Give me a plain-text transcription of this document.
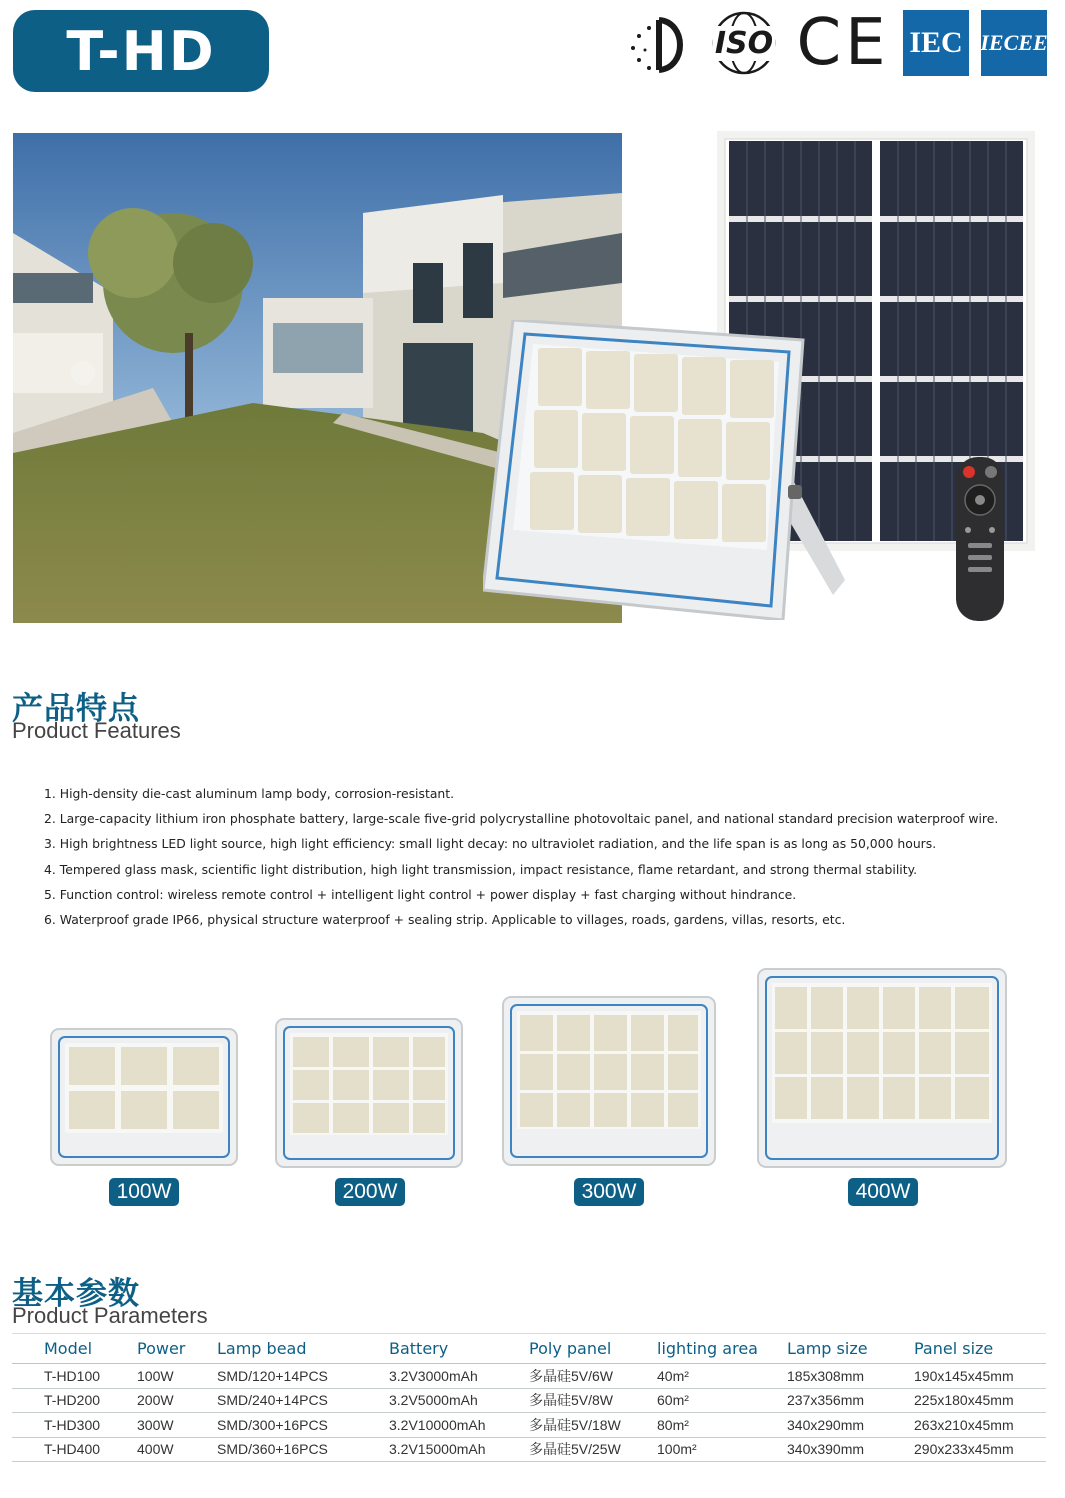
T-HD	ISO CE IEC IECEE
产品特点
Product Features
1. High-density die-cast aluminum lamp body, corrosion-resistant.
2. Large-capacity lithium iron phosphate battery, large-scale five-grid polycrystalline photovoltaic panel, and national standard precision waterproof wire.
3. High brightness LED light source, high light efficiency: small light decay: no ultraviolet radiation, and the life span is as long as 50,000 hours.
4. Tempered glass mask, scientific light distribution, high light transmission, impact resistance, flame retardant, and strong thermal stability.
5. Function control: wireless remote control + intelligent light control + power display + fast charging without hindrance.
6. Waterproof grade IP66, physical structure waterproof + sealing strip. Applicable to villages, roads, gardens, villas, resorts, etc.
100W	200W	300W	400W
基本参数
Product Parameters
Model	Power	Lamp bead	Battery	Poly panel	lighting area	Lamp size	Panel size
T-HD100	100W	SMD/120+14PCS	3.2V3000mAh	多晶硅5V/6W	40m²	185x308mm	190x145x45mm
T-HD200	200W	SMD/240+14PCS	3.2V5000mAh	多晶硅5V/8W	60m²	237x356mm	225x180x45mm
T-HD300	300W	SMD/300+16PCS	3.2V10000mAh	多晶硅5V/18W	80m²	340x290mm	263x210x45mm
T-HD400	400W	SMD/360+16PCS	3.2V15000mAh	多晶硅5V/25W	100m²	340x390mm	290x233x45mm
